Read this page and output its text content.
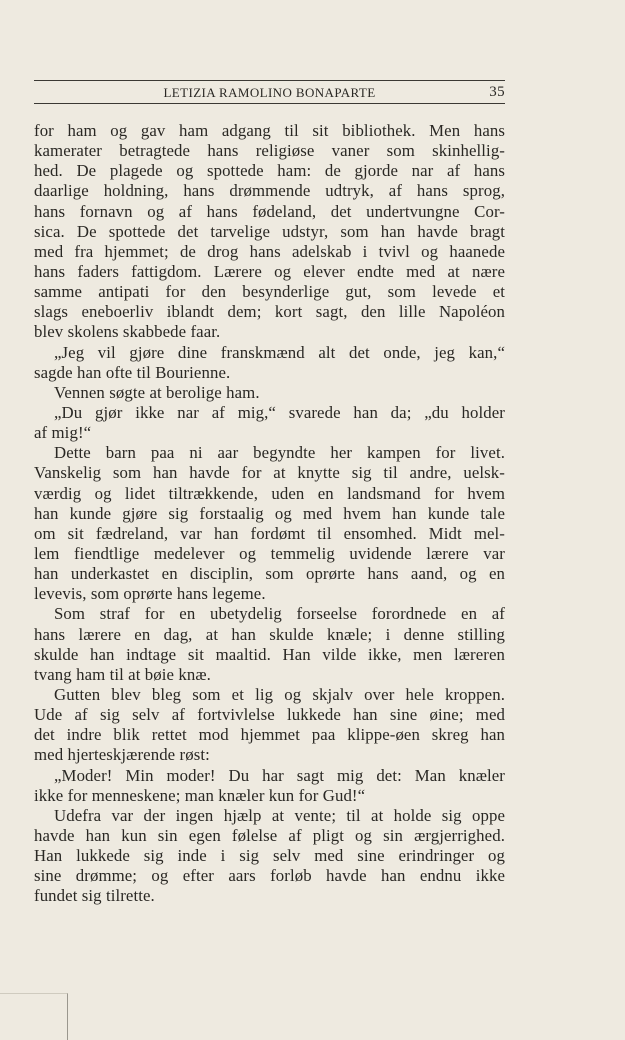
LETIZIA RAMOLINO BONAPARTE	35
for ham og gav ham adgang til sit bibliothek. Men hans
kamerater betragtede hans religiøse vaner som skinhellig-
hed. De plagede og spottede ham: de gjorde nar af hans
daarlige holdning, hans drømmende udtryk, af hans sprog,
hans fornavn og af hans fødeland, det undertvungne Cor-
sica. De spottede det tarvelige udstyr, som han havde bragt
med fra hjemmet; de drog hans adelskab i tvivl og haanede
hans faders fattigdom. Lærere og elever endte med at nære
samme antipati for den besynderlige gut, som levede et
slags eneboerliv iblandt dem; kort sagt, den lille Napoléon
blev skolens skabbede faar.
„Jeg vil gjøre dine franskmænd alt det onde, jeg kan,“
sagde han ofte til Bourienne.
Vennen søgte at berolige ham.
„Du gjør ikke nar af mig,“ svarede han da; „du holder
af mig!“
Dette barn paa ni aar begyndte her kampen for livet.
Vanskelig som han havde for at knytte sig til andre, uelsk-
værdig og lidet tiltrækkende, uden en landsmand for hvem
han kunde gjøre sig forstaalig og med hvem han kunde tale
om sit fædreland, var han fordømt til ensomhed. Midt mel-
lem fiendtlige medelever og temmelig uvidende lærere var
han underkastet en disciplin, som oprørte hans aand, og en
levevis, som oprørte hans legeme.
Som straf for en ubetydelig forseelse forordnede en af
hans lærere en dag, at han skulde knæle; i denne stilling
skulde han indtage sit maaltid. Han vilde ikke, men læreren
tvang ham til at bøie knæ.
Gutten blev bleg som et lig og skjalv over hele kroppen.
Ude af sig selv af fortvivlelse lukkede han sine øine; med
det indre blik rettet mod hjemmet paa klippe-øen skreg han
med hjerteskjærende røst:
„Moder! Min moder! Du har sagt mig det: Man knæler
ikke for menneskene; man knæler kun for Gud!“
Udefra var der ingen hjælp at vente; til at holde sig oppe
havde han kun sin egen følelse af pligt og sin ærgjerrighed.
Han lukkede sig inde i sig selv med sine erindringer og
sine drømme; og efter aars forløb havde han endnu ikke
fundet sig tilrette.
